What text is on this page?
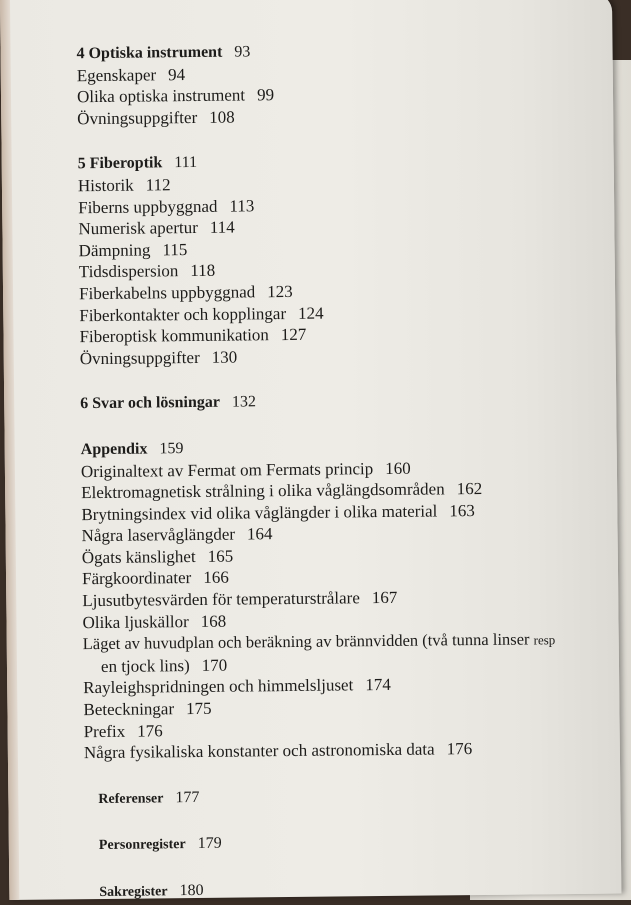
4 Optiska instrument 93
Egenskaper 94
Olika optiska instrument 99
Övningsuppgifter 108
5 Fiberoptik 111
Historik 112
Fiberns uppbyggnad 113
Numerisk apertur 114
Dämpning 115
Tidsdispersion 118
Fiberkabelns uppbyggnad 123
Fiberkontakter och kopplingar 124
Fiberoptisk kommunikation 127
Övningsuppgifter 130
6 Svar och lösningar 132
Appendix 159
Originaltext av Fermat om Fermats princip 160
Elektromagnetisk strålning i olika våglängdsområden 162
Brytningsindex vid olika våglängder i olika material 163
Några laservåglängder 164
Ögats känslighet 165
Färgkoordinater 166
Ljusutbytesvärden för temperaturstrålare 167
Olika ljuskällor 168
Läget av huvudplan och beräkning av brännvidden (två tunna linser resp
en tjock lins) 170
Rayleighspridningen och himmelsljuset 174
Beteckningar 175
Prefix 176
Några fysikaliska konstanter och astronomiska data 176
Referenser 177
Personregister 179
Sakregister 180
